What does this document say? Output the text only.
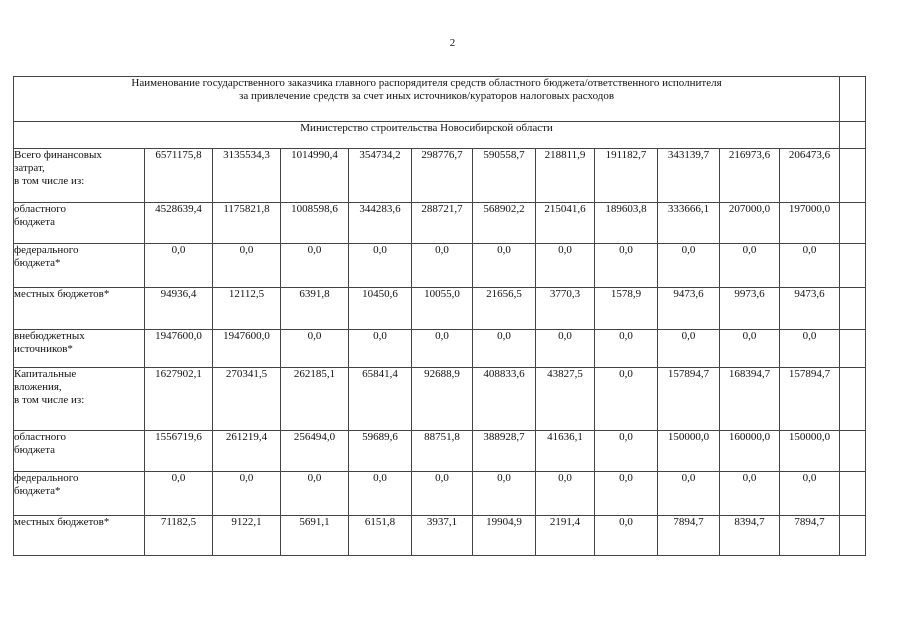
2
Наименование государственного заказчика главного распорядителя средств областного бюджета/ответственного исполнителя
за привлечение средств за счет иных источников/кураторов налоговых расходов												

Министерство строительства Новосибирской области												

Всего финансовых
затрат,
в том числе из:	6571175,8	3135534,3	1014990,4	354734,2	298776,7	590558,7	218811,9	191182,7	343139,7	216973,6	206473,6	

областного
бюджета	4528639,4	1175821,8	1008598,6	344283,6	288721,7	568902,2	215041,6	189603,8	333666,1	207000,0	197000,0	

федерального
бюджета*	0,0	0,0	0,0	0,0	0,0	0,0	0,0	0,0	0,0	0,0	0,0	

местных бюджетов*	94936,4	12112,5	6391,8	10450,6	10055,0	21656,5	3770,3	1578,9	9473,6	9973,6	9473,6	

внебюджетных
источников*	1947600,0	1947600,0	0,0	0,0	0,0	0,0	0,0	0,0	0,0	0,0	0,0	

Капитальные
вложения,
в том числе из:	1627902,1	270341,5	262185,1	65841,4	92688,9	408833,6	43827,5	0,0	157894,7	168394,7	157894,7	

областного
бюджета	1556719,6	261219,4	256494,0	59689,6	88751,8	388928,7	41636,1	0,0	150000,0	160000,0	150000,0	

федерального
бюджета*	0,0	0,0	0,0	0,0	0,0	0,0	0,0	0,0	0,0	0,0	0,0	

местных бюджетов*	71182,5	9122,1	5691,1	6151,8	3937,1	19904,9	2191,4	0,0	7894,7	8394,7	7894,7	
